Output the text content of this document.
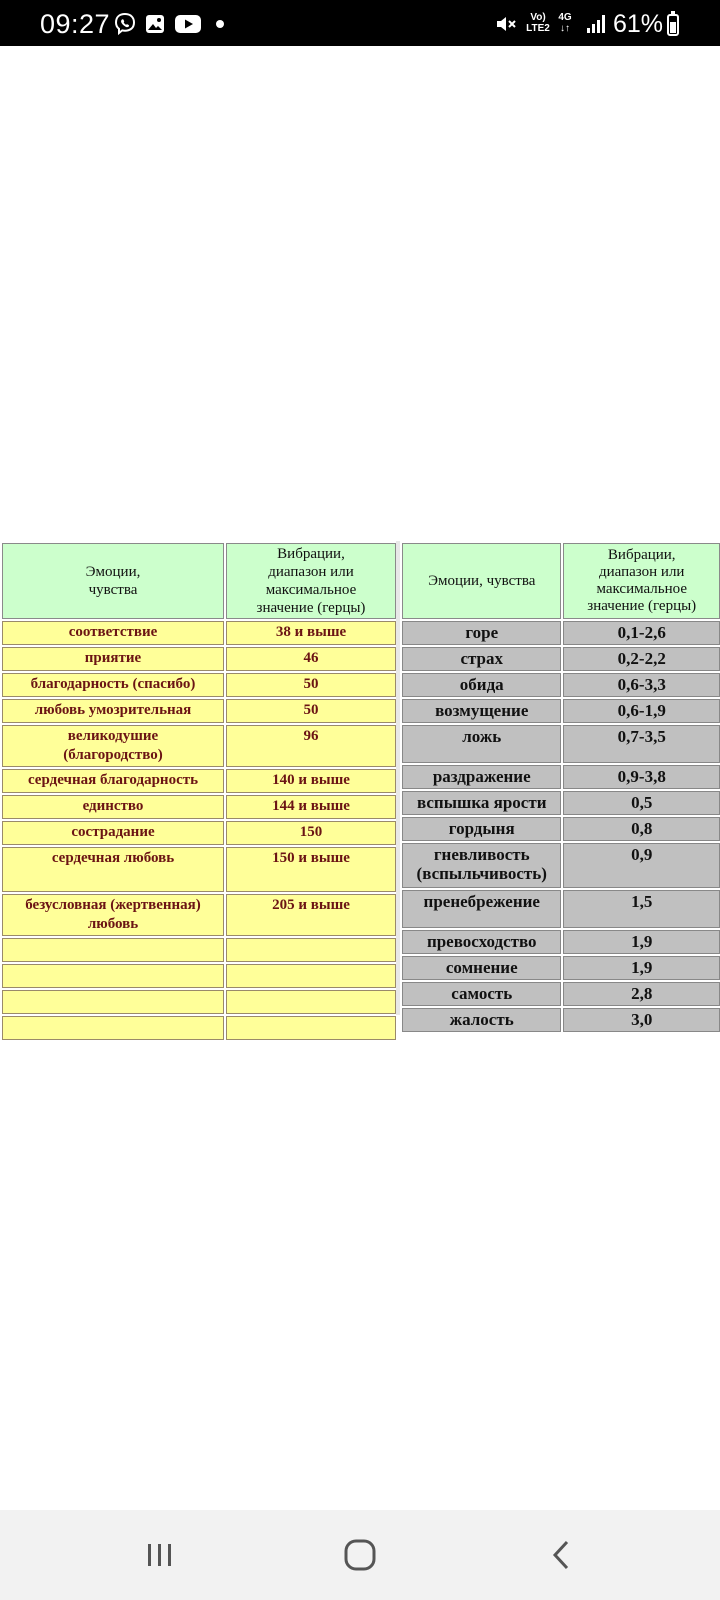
09:27	Vo)
LTE2
4G
↓↑ 61%
Эмоции,
чувства	Вибрации,
диапазон или
максимальное
значение (герцы)
соответствие	38 и выше
приятие	46
благодарность (спасибо)	50
любовь умозрительная	50
великодушие
(благородство)	96
сердечная благодарность	140 и выше
единство	144 и выше
сострадание	150
сердечная любовь	150 и выше
безусловная (жертвенная)
любовь	205 и выше

Эмоции, чувства	Вибрации,
диапазон или
максимальное
значение (герцы)
горе	0,1-2,6
страх	0,2-2,2
обида	0,6-3,3
возмущение	0,6-1,9
ложь	0,7-3,5
раздражение	0,9-3,8
вспышка ярости	0,5
гордыня	0,8
гневливость
(вспыльчивость)	0,9
пренебрежение	1,5
превосходство	1,9
сомнение	1,9
самость	2,8
жалость	3,0
